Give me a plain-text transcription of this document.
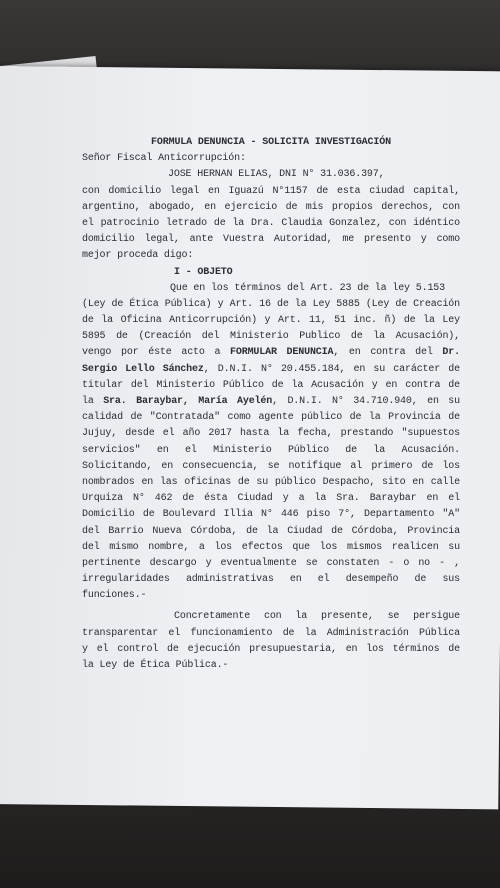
FORMULA DENUNCIA - SOLICITA INVESTIGACIÓN
Señor Fiscal Anticorrupción:
JOSE HERNAN ELIAS, DNI N° 31.036.397,
con domicilio legal en Iguazú N°1157 de esta ciudad capital,
argentino, abogado, en ejercicio de mis propios derechos, con
el patrocinio letrado de la Dra. Claudia Gonzalez, con idéntico
domicilio legal, ante Vuestra Autoridad, me presento y como
mejor proceda digo:
I - OBJETO
Que en los términos del Art. 23 de la ley 5.153
(Ley de Ética Pública) y Art. 16 de la Ley 5885 (Ley de Creación
de la Oficina Anticorrupción) y Art. 11, 51 inc. ñ) de la Ley
5895 de (Creación del Ministerio Publico de la Acusación),
vengo por éste acto a FORMULAR DENUNCIA, en contra del Dr.
Sergio Lello Sánchez, D.N.I. N° 20.455.184, en su carácter de
titular del Ministerio Público de la Acusación y en contra de
la Sra. Baraybar, María Ayelén, D.N.I. N° 34.710.940, en su
calidad de "Contratada" como agente público de la Provincia de
Jujuy, desde el año 2017 hasta la fecha, prestando "supuestos
servicios" en el Ministerio Público de la Acusación.
Solicitando, en consecuencia, se notifique al primero de los
nombrados en las oficinas de su público Despacho, sito en calle
Urquiza N° 462 de ésta Ciudad y a la Sra. Baraybar en el
Domicilio de Boulevard Illia N° 446 piso 7°, Departamento "A"
del Barrio Nueva Córdoba, de la Ciudad de Córdoba, Provincia
del mismo nombre, a los efectos que los mismos realicen su
pertinente descargo y eventualmente se constaten - o no - ,
irregularidades administrativas en el desempeño de sus
funciones.-
Concretamente con la presente, se persigue
transparentar el funcionamiento de la Administración Pública
y el control de ejecución presupuestaria, en los términos de
la Ley de Ética Pública.-
